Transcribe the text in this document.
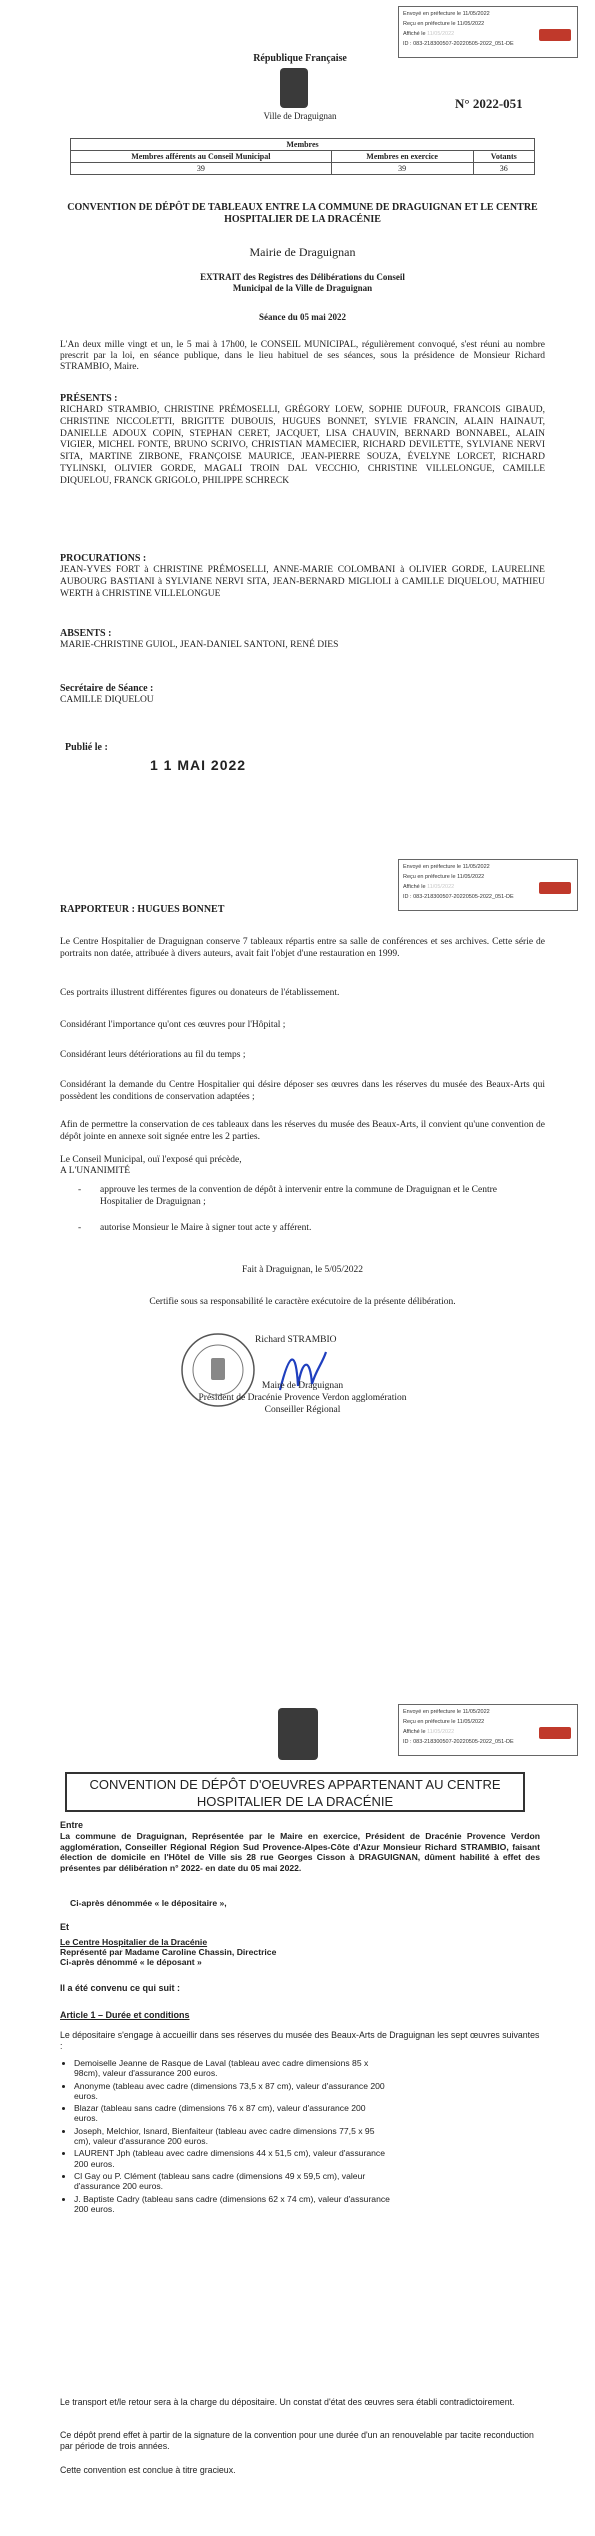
Envoyé en préfecture le 11/05/2022
Reçu en préfecture le 11/05/2022
Affiché le 11/05/2022
ID : 083-218300507-20220505-2022_051-DE
République Française
Ville de Draguignan
N° 2022-051
Membres		
Membres afférents au Conseil Municipal	Membres en exercice	Votants
39	39	36
CONVENTION DE DÉPÔT DE TABLEAUX ENTRE LA COMMUNE DE DRAGUIGNAN ET LE CENTRE HOSPITALIER DE LA DRACÉNIE
Mairie de Draguignan
EXTRAIT des Registres des Délibérations du Conseil Municipal de la Ville de Draguignan
Séance du 05 mai 2022
L'An deux mille vingt et un, le 5 mai à 17h00, le CONSEIL MUNICIPAL, régulièrement convoqué, s'est réuni au nombre prescrit par la loi, en séance publique, dans le lieu habituel de ses séances, sous la présidence de Monsieur Richard STRAMBIO, Maire.
PRÉSENTS :
RICHARD STRAMBIO, CHRISTINE PRÉMOSELLI, GRÉGORY LOEW, SOPHIE DUFOUR, FRANCOIS GIBAUD, CHRISTINE NICCOLETTI, BRIGITTE DUBOUIS, HUGUES BONNET, SYLVIE FRANCIN, ALAIN HAINAUT, DANIELLE ADOUX COPIN, STEPHAN CERET, JACQUET, LISA CHAUVIN, BERNARD BONNABEL, ALAIN VIGIER, MICHEL FONTE, BRUNO SCRIVO, CHRISTIAN MAMECIER, RICHARD DEVILETTE, SYLVIANE NERVI SITA, MARTINE ZIRBONE, FRANÇOISE MAURICE, JEAN-PIERRE SOUZA, ÉVELYNE LORCET, RICHARD TYLINSKI, OLIVIER GORDE, MAGALI TROIN DAL VECCHIO, CHRISTINE VILLELONGUE, CAMILLE DIQUELOU, FRANCK GRIGOLO, PHILIPPE SCHRECK
PROCURATIONS :
JEAN-YVES FORT à CHRISTINE PRÉMOSELLI, ANNE-MARIE COLOMBANI à OLIVIER GORDE, LAURELINE AUBOURG BASTIANI à SYLVIANE NERVI SITA, JEAN-BERNARD MIGLIOLI à CAMILLE DIQUELOU, MATHIEU WERTH à CHRISTINE VILLELONGUE
ABSENTS :
MARIE-CHRISTINE GUIOL, JEAN-DANIEL SANTONI, RENÉ DIES
Secrétaire de Séance :
CAMILLE DIQUELOU
Publié le :
1 1 MAI 2022
Envoyé en préfecture le 11/05/2022
Reçu en préfecture le 11/05/2022
Affiché le 11/05/2022
ID : 083-218300507-20220505-2022_051-DE
RAPPORTEUR : HUGUES BONNET
Le Centre Hospitalier de Draguignan conserve 7 tableaux répartis entre sa salle de conférences et ses archives. Cette série de portraits non datée, attribuée à divers auteurs, avait fait l'objet d'une restauration en 1999.
Ces portraits illustrent différentes figures ou donateurs de l'établissement.
Considérant l'importance qu'ont ces œuvres pour l'Hôpital ;
Considérant leurs détériorations au fil du temps ;
Considérant la demande du Centre Hospitalier qui désire déposer ses œuvres dans les réserves du musée des Beaux-Arts qui possèdent les conditions de conservation adaptées ;
Afin de permettre la conservation de ces tableaux dans les réserves du musée des Beaux-Arts, il convient qu'une convention de dépôt jointe en annexe soit signée entre les 2 parties.
Le Conseil Municipal, ouï l'exposé qui précède,
A L'UNANIMITÉ
- approuve les termes de la convention de dépôt à intervenir entre la commune de Draguignan et le Centre Hospitalier de Draguignan ;
- autorise Monsieur le Maire à signer tout acte y afférent.
Fait à Draguignan, le 5/05/2022
Certifie sous sa responsabilité le caractère exécutoire de la présente délibération.
Richard STRAMBIO
Maire de Draguignan
Président de Dracénie Provence Verdon agglomération
Conseiller Régional
Envoyé en préfecture le 11/05/2022
Reçu en préfecture le 11/05/2022
Affiché le 11/05/2022
ID : 083-218300507-20220505-2022_051-DE
CONVENTION DE DÉPÔT D'OEUVRES APPARTENANT AU CENTRE HOSPITALIER DE LA DRACÉNIE
Entre
La commune de Draguignan, Représentée par le Maire en exercice, Président de Dracénie Provence Verdon agglomération, Conseiller Régional Région Sud Provence-Alpes-Côte d'Azur Monsieur Richard STRAMBIO, faisant élection de domicile en l'Hôtel de Ville sis 28 rue Georges Cisson à DRAGUIGNAN, dûment habilité à effet des présentes par délibération n° 2022- en date du 05 mai 2022.
Ci-après dénommée « le dépositaire »,
Et
Le Centre Hospitalier de la Dracénie
Représenté par Madame Caroline Chassin, Directrice
Ci-après dénommé « le déposant »
Il a été convenu ce qui suit :
Article 1 – Durée et conditions
Le dépositaire s'engage à accueillir dans ses réserves du musée des Beaux-Arts de Draguignan les sept œuvres suivantes :
• Demoiselle Jeanne de Rasque de Laval (tableau avec cadre dimensions 85 x 98cm), valeur d'assurance 200 euros.
• Anonyme (tableau avec cadre (dimensions 73,5 x 87 cm), valeur d'assurance 200 euros.
• Blazar (tableau sans cadre (dimensions 76 x 87 cm), valeur d'assurance 200 euros.
• Joseph, Melchior, Isnard, Bienfaiteur (tableau avec cadre dimensions 77,5 x 95 cm), valeur d'assurance 200 euros.
• LAURENT Jph (tableau avec cadre dimensions 44 x 51,5 cm), valeur d'assurance 200 euros.
• Cl Gay ou P. Clément (tableau sans cadre (dimensions 49 x 59,5 cm), valeur d'assurance 200 euros.
• J. Baptiste Cadry (tableau sans cadre (dimensions 62 x 74 cm), valeur d'assurance 200 euros.
Le transport et/le retour sera à la charge du dépositaire. Un constat d'état des œuvres sera établi contradictoirement.
Ce dépôt prend effet à partir de la signature de la convention pour une durée d'un an renouvelable par tacite reconduction par période de trois années.
Cette convention est conclue à titre gracieux.
